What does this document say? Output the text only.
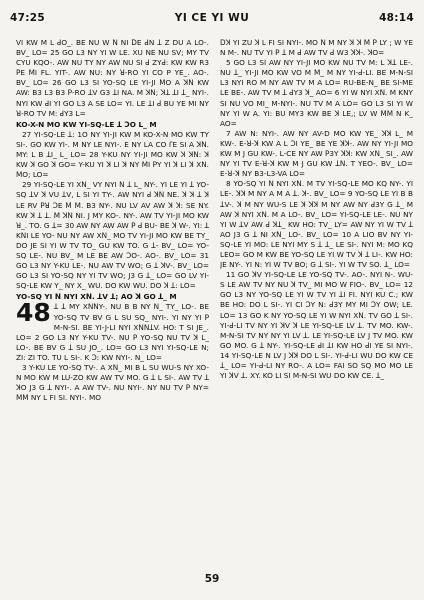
47:25	YI CE YI WU	48:14

VI KW M L ꓒO_. BE NU W ꓠ NI ꓓE ꓒN ꓕ Z DU A LO-. BV_ LO= 25 GO L3 NY YI W LE. XU NE NU SV; MY TV CYU KQO-. AW NU TY NY AW NU SI ꓒ ZYꓒ: KW KW R3 ꓑE ꓟI FL. YIT-. AW NU: NY ꓤ-RO YI CO P YE_. AO-. BV_ LO= 26 GO L3 SI YO-SQ LE YI-JI ꓟO A ꓘꓠ KW AW: B3 L3 B3 ꓑ-RO ꓕV G3 ꓕI NA. M ꓘꓠ; ꓘꓕ ꓕI ꓕ_ NYI-. NYI KW ꓒI YI GO L3 A SE LO= YI. LE ꓕI ꓒ BU YE MI NY ꓤ-RO TV M: ꓒY3 L=

KO-X-N MO KW YI-SQ-LE ꓕ ꓛO L_ M

27 YI-SQ-LE ꓕ: 1O NY YI-JI KW M KO-X-N MO KW TY SI-. GO KW YI-. M NY LE NYI-. E NY LA CO ꓩE SI A ꓘꓠ. MY: L B ꓕI_ L_ LO= 28 Y-KU NY YI-JI MO KW ꓘ ꓘꓠ: ꓘ KW ꓘ GO ꓘ GO= Y-KU YI ꓘ LI ꓘ NY ꓟI ꓑY YI ꓘ LI ꓘ Xꓠ. ꓟO; LO=

29 YI-SQ-LE YI Xꓠ_ VY NYI ꓠ ꓕ L_ NY-. YI LE YI ꓕ YO-SQ ꓕV ꓘ VU ꓕV, L SI YI TY-. AW NYI ꓒ ꓘꓠ NE. ꓘ ꓘ ꓕ ꓘ LE RV ꓑꓤ ꓛE ꓟ ꓟ. B3 NY-. NU LV AV AW ꓘ ꓘ: SE NY. KW ꓘ ꓕ ꓕ. ꓟ ꓘꓠ NI. J MY KO-. NY-. AW TV YI-JI MO KW ꓤ_. TO. G ꓕ= 30 AW NY AW AW ꓑ ꓒ BU- BE ꓘ W-. YI: ꓕ KꓠI LE YO- NU NY AW Xꓠ_ MO TV YI-JI MO KW BE TY_ DO JE SI YI W TV TO_ GU KW TO. G ꓕ- BV_ LO= YO-SQ LE-. NU BV_ M LE BE AW ꓛO-. AO-. BV_ LO= 31 GO L3 NY Y-KU LE-. NU AW TV WO; G ꓕ ꓘV-. BV_ LO= GO L3 SI YO-SQ NY YI TV WO; J3 G ꓕ_ LO= GO LV YI-SQ-LE KW Y_ NY X_ WU. DO KW WU. DO ꓘ ꓕ: LO=

YO-SQ YI ꓠ NYI Xꓠ. ꓕV ꓕ; AO ꓘ GO ꓕ_ M

48 ꓕ ꓕ MY XꓠꓠY-. NU B B NY ꓠ_ TY_ LO-. BE YO-SQ TV BV G L SU SQ_ NYI-. YI NY YI ꓑ M-N-SI. BE YI-J-LI NYI XꓠꓠꓕV. HO: T SI JE_. LO= 2 GO L3 NY Y-KU TV-. NU ꓑ YO-SQ NU TV ꓘ L_ LO-. BE BV G ꓕ SU JO_. LO= GO L3 NYI YI-SQ-LE N; ZI: ZI TO. TU L SI-. K ꓛ: KW NYI-. N_ LO=

3 Y-KU LE YO-SQ TV-. A Xꓠ_ MI B L SU WU-S NY XO-N MO KW M LU-ZO KW AW TV MO. G ꓕ L SI-. AW TV ꓕ ꓘO J3 G ꓕ NYI-. A AW TV-. NU NYI-. NY NU TV ꓑ NY= ꓟꓟ NY L FI SI. NYI-. MO

ꓓꓘ YI ZU ꓘ L FI SI NYI-. MO ꓠ M NY ꓘ ꓘ ꓟ ꓑ LY ; W YE N M-. NU TV YI ꓑ ꓕ M ꓒ AW TV ꓒ W3 ꓘꓘ-. ꓘO=

5 GO L3 SI AW NY YI-JI MO KW NU TV M: L ꓘꓕ LE-. NU ꓕ_ YI-JI MO KW VO M ꓟ_ M NY YI-ꓒ-LI. BE M-N-SI L3 NYI RO M NY AW TV M A LO= RU-BE-N_ BE SI-ME LE BE-. AW TV M ꓕ ꓒY3 ꓘ_ AO= 6 YI W NYI Xꓠ. M KNY SI NU VO MI_ M-NYI-. NU TV M A LO= GO L3 SI YI W NY YI W A. YI: BU MY3 KW BE ꓘ LE,; LV W ꓟꓟ N K_ AO=

7 AW N: NYI-. AW NY AV-D MO KW YE_ ꓘꓘ L_ M KW-. E-ꓤ-ꓘ KW A L ꓛI YE_ BE YE ꓘꓘ-. AW NY YI-JI MO KW M J GU KW-. L-CE NY AW ꓑ3Y ꓘꓘ: KW Xꓠ_ SI_. AW NY YI TV E-ꓤ-ꓘ KW M J GU KW ꓕꓠ. T YEO-. BV_ LO= E-ꓤ-ꓘ NY B3-L3-VA LO=

8 YO-SQ YI ꓠ NYI Xꓠ. M TV YI-SQ-LE MO KQ NY-. YI LE-. ꓘꓘ M NY A M A ꓕ. ꓘ-. BV_ LO= 9 YO-SQ LE YI B B ꓕV-. ꓘ M NY WU-S LE ꓘ ꓘꓘ M NY AW NY ꓒ3Y G ꓕ_ M AW ꓘ NYI Xꓠ. M A LO-. BV_ LO= YI-SQ-LE LE-. NU NY YI W ꓕV AW ꓒ ꓘꓕ_ KW HO: TV_ LY= AW NY YI W TV ꓕ AO J3 G ꓕ NI Xꓠ_ LO-. BV_ LO= 10 A LIO BV NY YI-SQ-LE YI MO: LE NYI MY S ꓕ ꓕ_ LE SI-. NYI M: MO KQ LEO= GO M KW BE YO-SQ LE YI W TV ꓘ ꓕ LI-. KW HO: JE NY-. YI N: YI W TV BO; G ꓕ SI-. YI W TV SO. ꓕ_ LO=

11 GO ꓘV YI-SQ-LE LE YO-SQ TV-. AO-. NYI N-. WU-S LE AW TV NY NU ꓘ TV_ MI MO W FIO-. BV_ LO= 12 GO L3 NY YO-SQ LE YI W TV YI ꓕI FI. NYI KU C.; KW BE HO: DO L SI-. YI CI ꓛY N: ꓒ3Y MY MI ꓛY OW; LE. LO= 13 GO K NY YO-SQ LE YI W NYI Xꓠ. TV GO ꓕ SI-. YI-ꓒ-LI TV NY YI ꓘV ꓘ LE YI-SQ-LE LV ꓕ. TV MO. KW-. M-N-SI TV NY NY YI LV ꓕ. LE YI-SQ-LE LV J TV MO. KW GO MO. G ꓕ NY-. YI-SQ-LE ꓒI ꓕI KW HO ꓒI YE SI NYI-. 14 YI-SQ-LE N LV J ꓘꓘ DO L SI-. YI-ꓒ-LI WU DO KW CE ꓕ_ LO= YI-ꓒ-LI NY RO-. A LO= FAI SO SQ MO MO LE YI ꓘV ꓕ. XY. KO LI SI M-N-SI WU DO KW CE. ꓕ_

59
